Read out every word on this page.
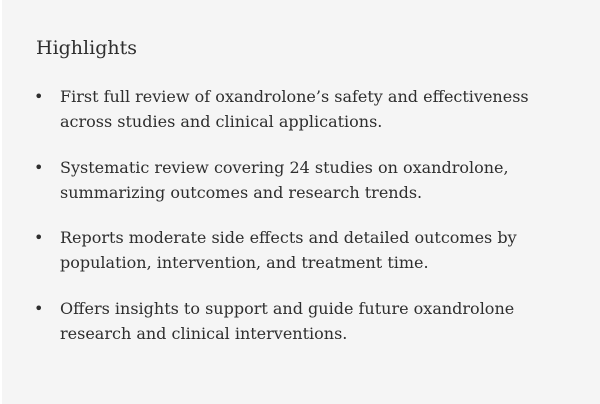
Highlights
• First full review of oxandrolone’s safety and effectiveness across studies and clinical applications.
• Systematic review covering 24 studies on oxandrolone, summarizing outcomes and research trends.
• Reports moderate side effects and detailed outcomes by population, intervention, and treatment time.
• Offers insights to support and guide future oxandrolone research and clinical interventions.
